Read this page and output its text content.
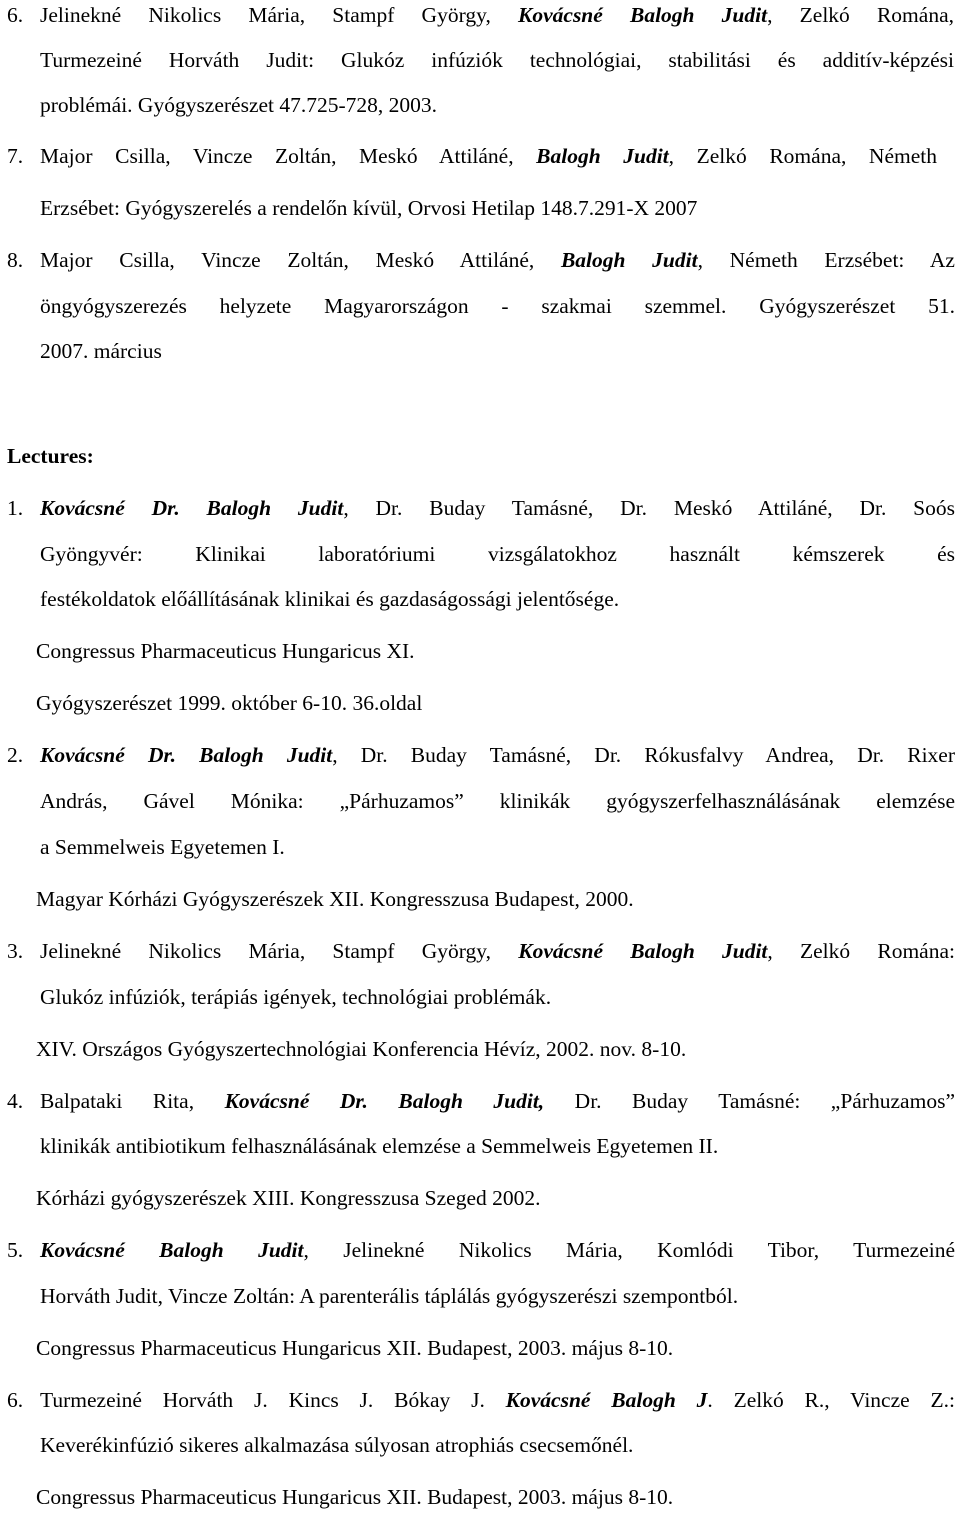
6. Jelinekné Nikolics Mária, Stampf György, Kovácsné Balogh Judit, Zelkó Romána,
Turmezeiné Horváth Judit: Glukóz infúziók technológiai, stabilitási és additív-képzési
problémái. Gyógyszerészet 47.725-728, 2003.
7. Major Csilla, Vincze Zoltán, Meskó Attiláné, Balogh Judit, Zelkó Romána, Németh
Erzsébet: Gyógyszerelés a rendelőn kívül, Orvosi Hetilap 148.7.291-X 2007
8. Major Csilla, Vincze Zoltán, Meskó Attiláné, Balogh Judit, Németh Erzsébet: Az
öngyógyszerezés helyzete Magyarországon - szakmai szemmel. Gyógyszerészet 51.
2007. március
Lectures:
1. Kovácsné Dr. Balogh Judit, Dr. Buday Tamásné, Dr. Meskó Attiláné, Dr. Soós
Gyöngyvér: Klinikai laboratóriumi vizsgálatokhoz használt kémszerek és
festékoldatok előállításának klinikai és gazdaságossági jelentősége.
Congressus Pharmaceuticus Hungaricus XI.
Gyógyszerészet 1999. október 6-10. 36.oldal
2. Kovácsné Dr. Balogh Judit, Dr. Buday Tamásné, Dr. Rókusfalvy Andrea, Dr. Rixer
András, Gável Mónika: „Párhuzamos” klinikák gyógyszerfelhasználásának elemzése
a Semmelweis Egyetemen I.
Magyar Kórházi Gyógyszerészek XII. Kongresszusa Budapest, 2000.
3. Jelinekné Nikolics Mária, Stampf György, Kovácsné Balogh Judit, Zelkó Romána:
Glukóz infúziók, terápiás igények, technológiai problémák.
XIV. Országos Gyógyszertechnológiai Konferencia Hévíz, 2002. nov. 8-10.
4. Balpataki Rita, Kovácsné Dr. Balogh Judit, Dr. Buday Tamásné: „Párhuzamos”
klinikák antibiotikum felhasználásának elemzése a Semmelweis Egyetemen II.
Kórházi gyógyszerészek XIII. Kongresszusa Szeged 2002.
5. Kovácsné Balogh Judit, Jelinekné Nikolics Mária, Komlódi Tibor, Turmezeiné
Horváth Judit, Vincze Zoltán: A parenterális táplálás gyógyszerészi szempontból.
Congressus Pharmaceuticus Hungaricus XII. Budapest, 2003. május 8-10.
6. Turmezeiné Horváth J. Kincs J. Bókay J. Kovácsné Balogh J. Zelkó R., Vincze Z.:
Keverékinfúzió sikeres alkalmazása súlyosan atrophiás csecsemőnél.
Congressus Pharmaceuticus Hungaricus XII. Budapest, 2003. május 8-10.
